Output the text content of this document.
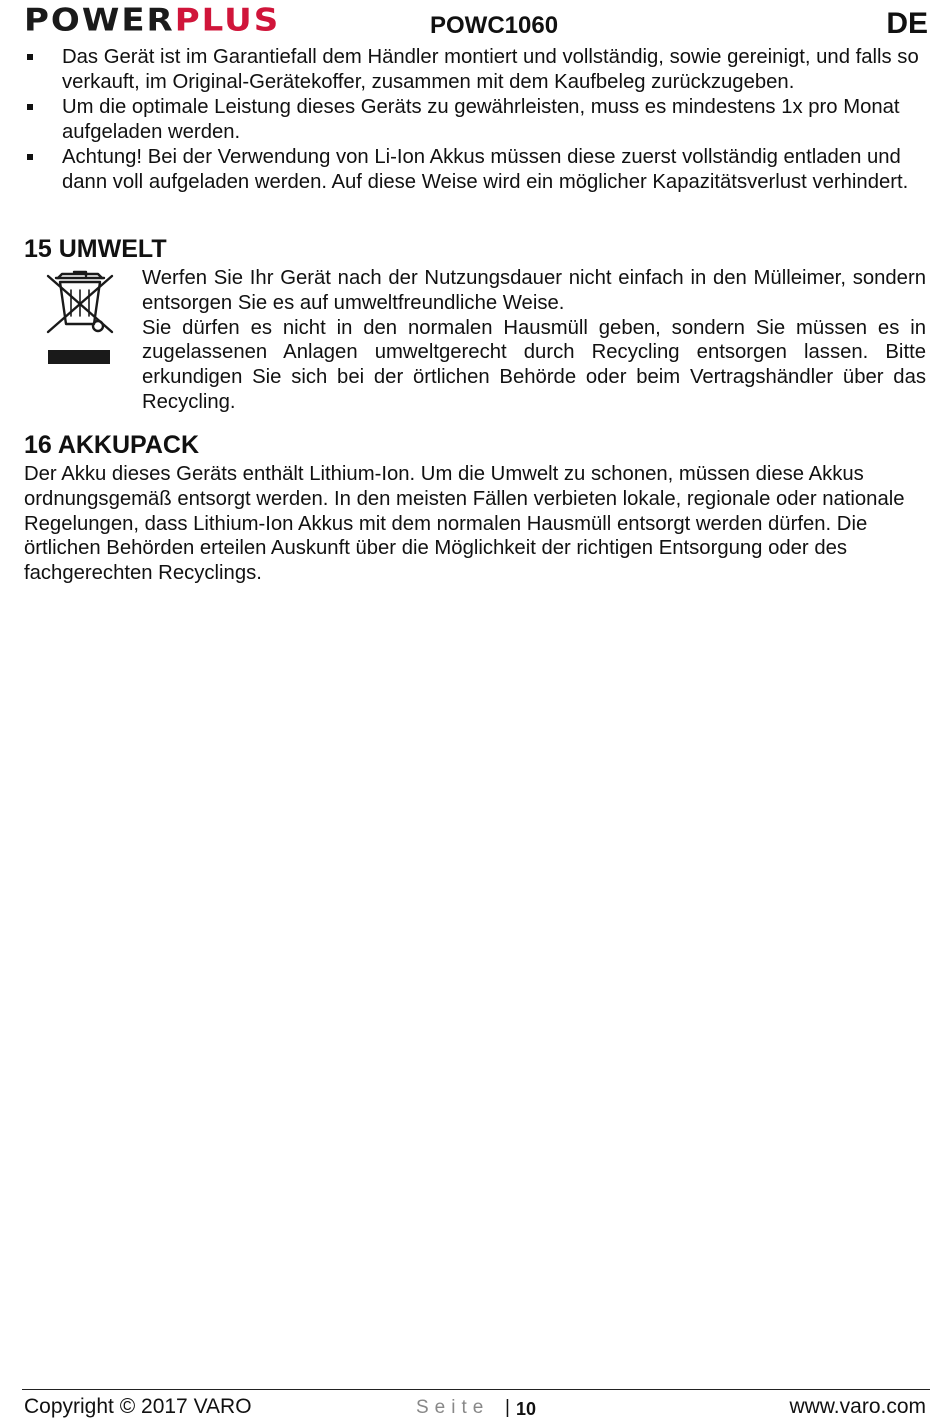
POWERPLUS	POWC1060	DE
Das Gerät ist im Garantiefall dem Händler montiert und vollständig, sowie gereinigt, und falls so verkauft, im Original-Gerätekoffer, zusammen mit dem Kaufbeleg zurückzugeben.
Um die optimale Leistung dieses Geräts zu gewährleisten, muss es mindestens 1x pro Monat aufgeladen werden.
Achtung! Bei der Verwendung von Li-Ion Akkus müssen diese zuerst vollständig entladen und dann voll aufgeladen werden. Auf diese Weise wird ein möglicher Kapazitätsverlust verhindert.
15 UMWELT

Werfen Sie Ihr Gerät nach der Nutzungsdauer nicht einfach in den Mülleimer, sondern entsorgen Sie es auf umweltfreundliche Weise.

Sie dürfen es nicht in den normalen Hausmüll geben, sondern Sie müssen es in zugelassenen Anlagen umweltgerecht durch Recycling entsorgen lassen. Bitte erkundigen Sie sich bei der örtlichen Behörde oder beim Vertragshändler über das Recycling.

16 AKKUPACK

Der Akku dieses Geräts enthält Lithium-Ion. Um die Umwelt zu schonen, müssen diese Akkus ordnungsgemäß entsorgt werden. In den meisten Fällen verbieten lokale, regionale oder nationale Regelungen, dass Lithium-Ion Akkus mit dem normalen Hausmüll entsorgt werden dürfen. Die örtlichen Behörden erteilen Auskunft über die Möglichkeit der richtigen Entsorgung oder des fachgerechten Recyclings.

Copyright © 2017 VARO	Seite | 10	www.varo.com
